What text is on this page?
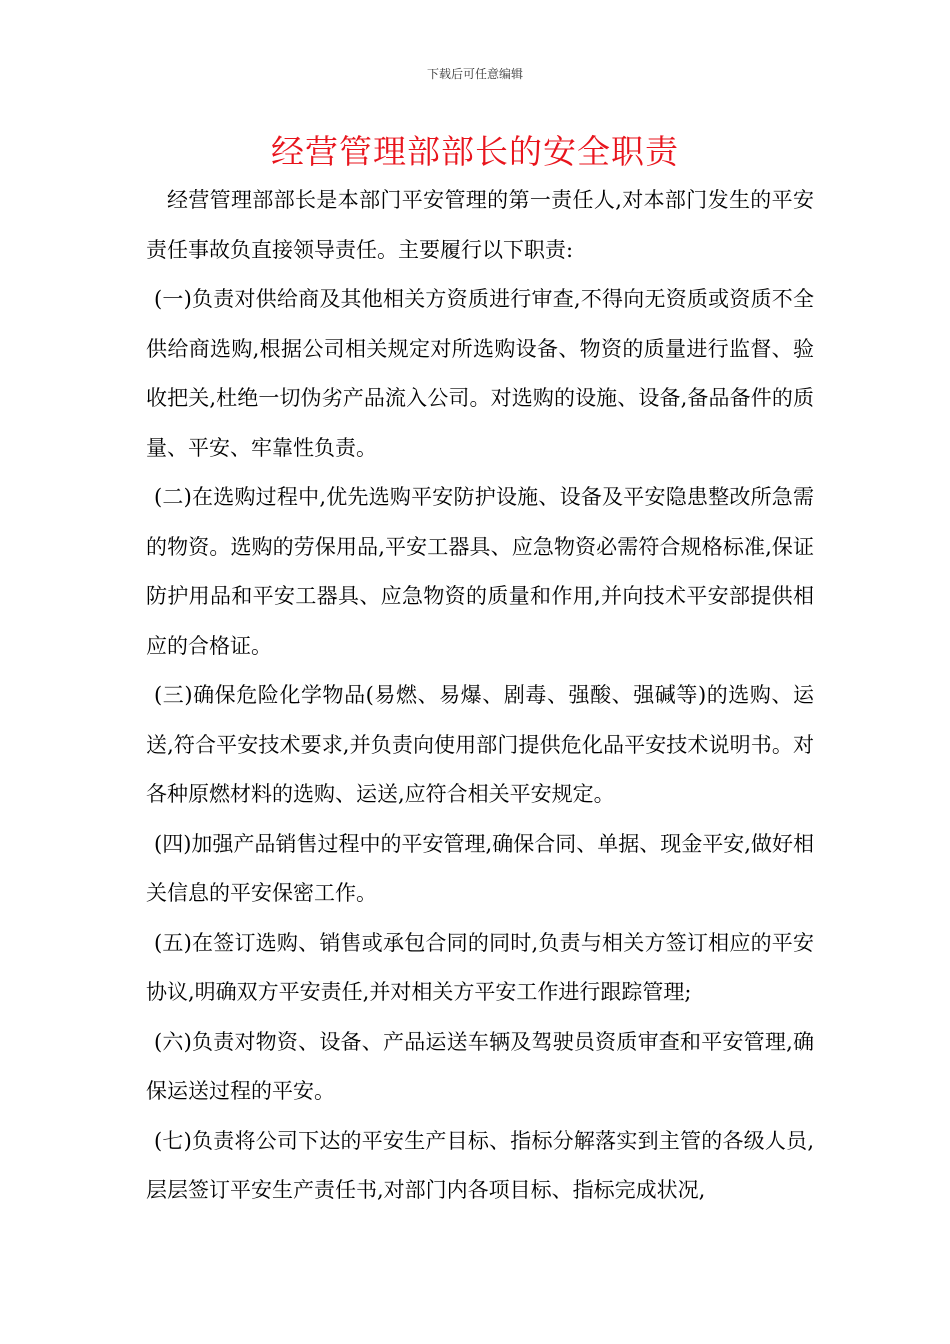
下载后可任意编辑
经营管理部部长的安全职责

经营管理部部长是本部门平安管理的第一责任人,对本部门发生的平安责任事故负直接领导责任。主要履行以下职责:

(一)负责对供给商及其他相关方资质进行审查,不得向无资质或资质不全供给商选购,根据公司相关规定对所选购设备、物资的质量进行监督、验收把关,杜绝一切伪劣产品流入公司。对选购的设施、设备,备品备件的质量、平安、牢靠性负责。

(二)在选购过程中,优先选购平安防护设施、设备及平安隐患整改所急需的物资。选购的劳保用品,平安工器具、应急物资必需符合规格标准,保证防护用品和平安工器具、应急物资的质量和作用,并向技术平安部提供相应的合格证。

(三)确保危险化学物品(易燃、易爆、剧毒、强酸、强碱等)的选购、运送,符合平安技术要求,并负责向使用部门提供危化品平安技术说明书。对各种原燃材料的选购、运送,应符合相关平安规定。

(四)加强产品销售过程中的平安管理,确保合同、单据、现金平安,做好相关信息的平安保密工作。

(五)在签订选购、销售或承包合同的同时,负责与相关方签订相应的平安协议,明确双方平安责任,并对相关方平安工作进行跟踪管理;

(六)负责对物资、设备、产品运送车辆及驾驶员资质审查和平安管理,确保运送过程的平安。

(七)负责将公司下达的平安生产目标、指标分解落实到主管的各级人员,层层签订平安生产责任书,对部门内各项目标、指标完成状况,
